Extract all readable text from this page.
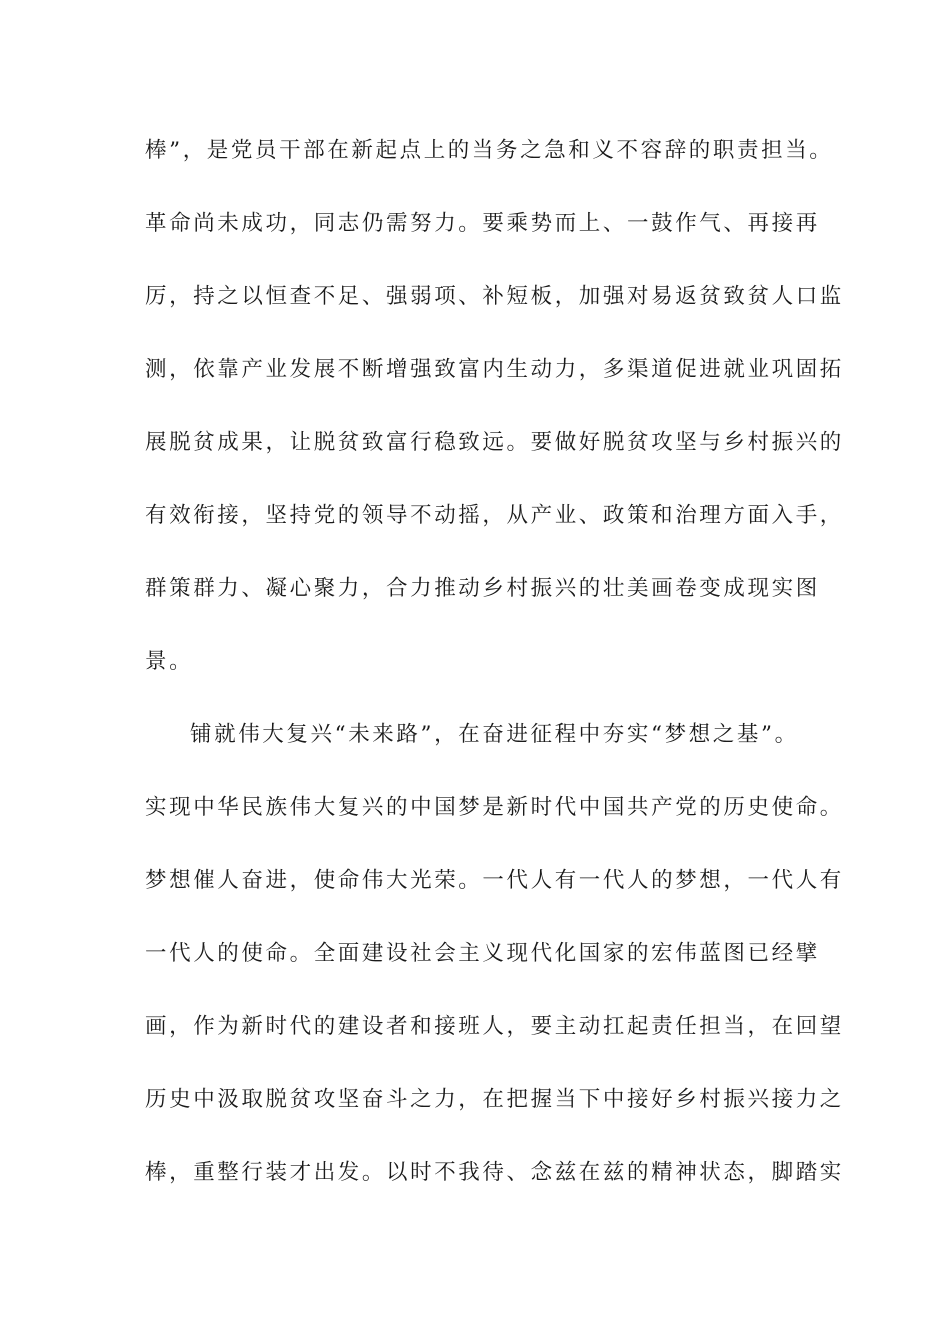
棒”，是党员干部在新起点上的当务之急和义不容辞的职责担当。
革命尚未成功，同志仍需努力。要乘势而上、一鼓作气、再接再
厉，持之以恒查不足、强弱项、补短板，加强对易返贫致贫人口监
测，依靠产业发展不断增强致富内生动力，多渠道促进就业巩固拓
展脱贫成果，让脱贫致富行稳致远。要做好脱贫攻坚与乡村振兴的
有效衔接，坚持党的领导不动摇，从产业、政策和治理方面入手，
群策群力、凝心聚力，合力推动乡村振兴的壮美画卷变成现实图
景。
铺就伟大复兴“未来路”，在奋进征程中夯实“梦想之基”。
实现中华民族伟大复兴的中国梦是新时代中国共产党的历史使命。
梦想催人奋进，使命伟大光荣。一代人有一代人的梦想，一代人有
一代人的使命。全面建设社会主义现代化国家的宏伟蓝图已经擘
画，作为新时代的建设者和接班人，要主动扛起责任担当，在回望
历史中汲取脱贫攻坚奋斗之力，在把握当下中接好乡村振兴接力之
棒，重整行装才出发。以时不我待、念兹在兹的精神状态，脚踏实
